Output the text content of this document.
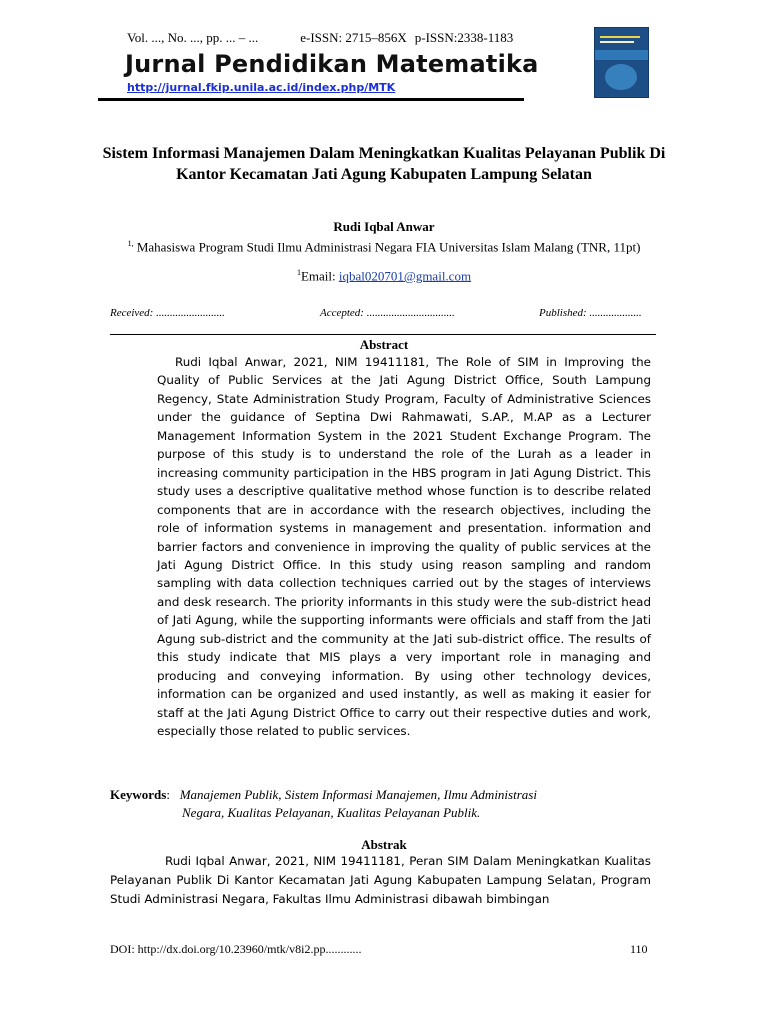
Vol. ..., No. ..., pp. ... – ...	e-ISSN: 2715–856X p-ISSN:2338-1183
Jurnal Pendidikan Matematika
http://jurnal.fkip.unila.ac.id/index.php/MTK
Sistem Informasi Manajemen Dalam Meningkatkan Kualitas Pelayanan Publik Di Kantor Kecamatan Jati Agung Kabupaten Lampung Selatan
Rudi Iqbal Anwar
$^{1,}$ Mahasiswa Program Studi Ilmu Administrasi Negara FIA Universitas Islam Malang (TNR, 11pt)
$^1$Email: iqbal020701@gmail.com
Received: .........................	Accepted: ................................	Published: ...................
Abstract

Rudi Iqbal Anwar, 2021, NIM 19411181, The Role of SIM in Improving the Quality of Public Services at the Jati Agung District Office, South Lampung Regency, State Administration Study Program, Faculty of Administrative Sciences under the guidance of Septina Dwi Rahmawati, S.AP., M.AP as a Lecturer Management Information System in the 2021 Student Exchange Program. The purpose of this study is to understand the role of the Lurah as a leader in increasing community participation in the HBS program in Jati Agung District. This study uses a descriptive qualitative method whose function is to describe related components that are in accordance with the research objectives, including the role of information systems in management and presentation. information and barrier factors and convenience in improving the quality of public services at the Jati Agung District Office. In this study using reason sampling and random sampling with data collection techniques carried out by the stages of interviews and desk research. The priority informants in this study were the sub-district head of Jati Agung, while the supporting informants were officials and staff from the Jati Agung sub-district and the community at the Jati sub-district office. The results of this study indicate that MIS plays a very important role in managing and producing and conveying information. By using other technology devices, information can be organized and used instantly, as well as making it easier for staff at the Jati Agung District Office to carry out their respective duties and work, especially those related to public services.

Keywords: Manajemen Publik, Sistem Informasi Manajemen, Ilmu Administrasi
Negara, Kualitas Pelayanan, Kualitas Pelayanan Publik.

Abstrak

Rudi Iqbal Anwar, 2021, NIM 19411181, Peran SIM Dalam Meningkatkan Kualitas Pelayanan Publik Di Kantor Kecamatan Jati Agung Kabupaten Lampung Selatan, Program Studi Administrasi Negara, Fakultas Ilmu Administrasi dibawah bimbingan

DOI: http://dx.doi.org/10.23960/mtk/v8i2.pp............	110
